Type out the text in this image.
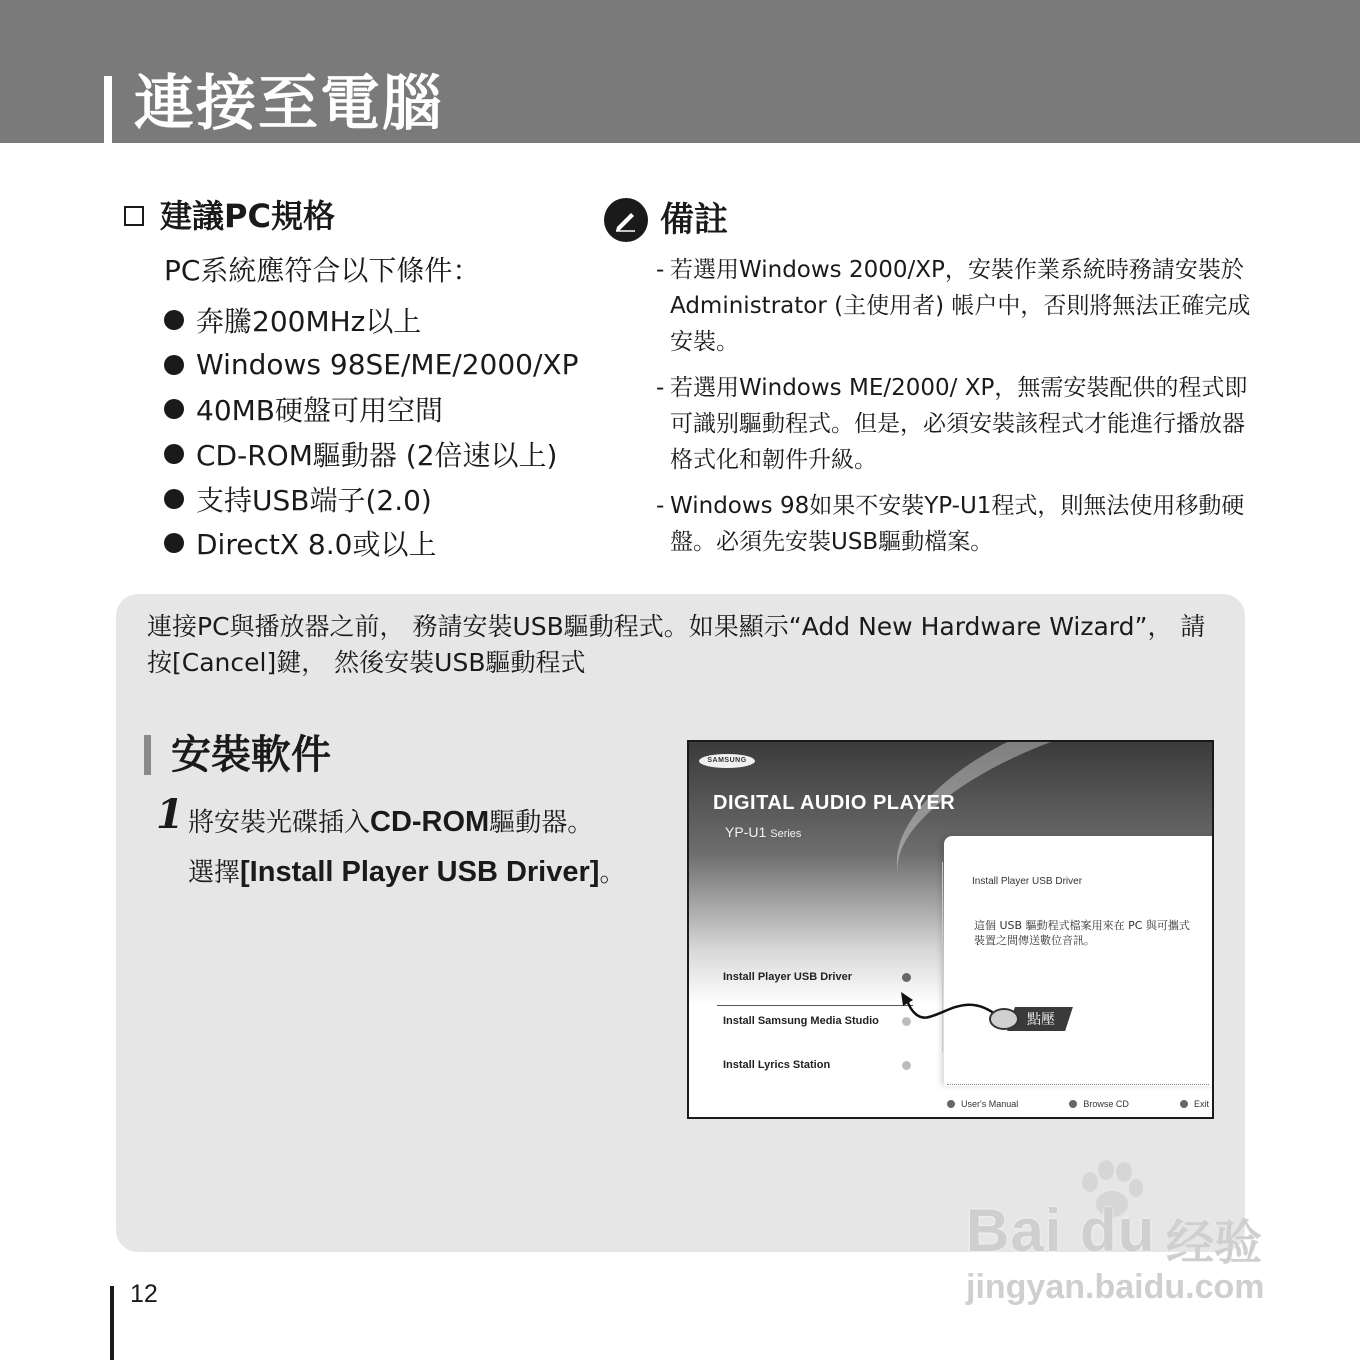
連接至電腦
建議PC規格
PC系統應符合以下條件：
奔騰200MHz以上
Windows 98SE/ME/2000/XP
40MB硬盤可用空間
CD-ROM驅動器 (2倍速以上)
支持USB端子(2.0)
DirectX 8.0或以上
備註
- 若選用Windows 2000/XP，安裝作業系統時務請安裝於Administrator (主使用者) 帳户中，否則將無法正確完成安裝。
- 若選用Windows ME/2000/ XP，無需安裝配供的程式即可識别驅動程式。但是，必須安裝該程式才能進行播放器格式化和韌件升級。
- Windows 98如果不安裝YP-U1程式，則無法使用移動硬盤。必須先安裝USB驅動檔案。
連接PC與播放器之前， 務請安裝USB驅動程式。如果顯示“Add New Hardware Wizard”， 請按[Cancel]鍵， 然後安裝USB驅動程式
安裝軟件
1 將安裝光碟插入CD-ROM驅動器。
選擇[Install Player USB Driver]。
SAMSUNG
DIGITAL AUDIO PLAYER
YP-U1 Series
Install Player USB Driver
這個 USB 驅動程式檔案用來在 PC 與可攜式裝置之間傳送數位音訊。
Install Player USB Driver
Install Samsung Media Studio
Install Lyrics Station
點壓
User's Manual	Browse CD	Exit
12
Bai du 经验
jingyan.baidu.com
